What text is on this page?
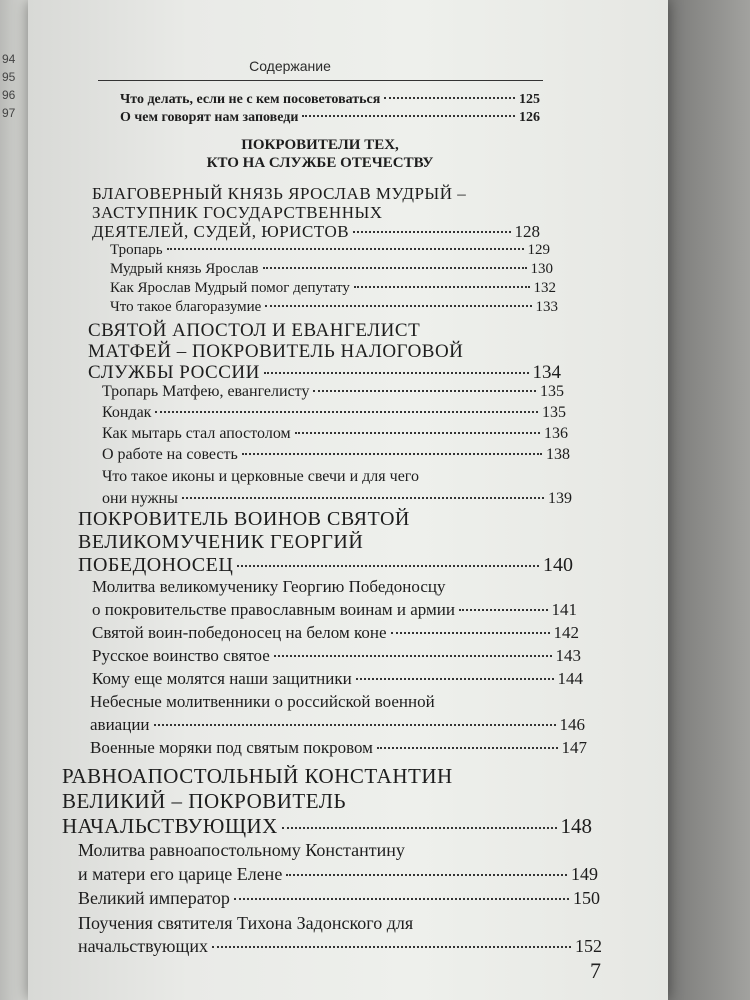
94
95
96
97
Содержание
Что делать, если не с кем посоветоваться	125
О чем говорят нам заповеди	126
ПОКРОВИТЕЛИ ТЕХ,
КТО НА СЛУЖБЕ ОТЕЧЕСТВУ
БЛАГОВЕРНЫЙ КНЯЗЬ ЯРОСЛАВ МУДРЫЙ –
ЗАСТУПНИК ГОСУДАРСТВЕННЫХ
ДЕЯТЕЛЕЙ, СУДЕЙ, ЮРИСТОВ	128
Тропарь	129
Мудрый князь Ярослав	130
Как Ярослав Мудрый помог депутату	132
Что такое благоразумие	133
СВЯТОЙ АПОСТОЛ И ЕВАНГЕЛИСТ
МАТФЕЙ – ПОКРОВИТЕЛЬ НАЛОГОВОЙ
СЛУЖБЫ РОССИИ	134
Тропарь Матфею, евангелисту	135
Кондак	135
Как мытарь стал апостолом	136
О работе на совесть	138
Что такое иконы и церковные свечи и для чего
они нужны	139
ПОКРОВИТЕЛЬ ВОИНОВ СВЯТОЙ
ВЕЛИКОМУЧЕНИК ГЕОРГИЙ
ПОБЕДОНОСЕЦ	140
Молитва великомученику Георгию Победоносцу
о покровительстве православным воинам и армии	141
Святой воин-победоносец на белом коне	142
Русское воинство святое	143
Кому еще молятся наши защитники	144
Небесные молитвенники о российской военной
авиации	146
Военные моряки под святым покровом	147
РАВНОАПОСТОЛЬНЫЙ КОНСТАНТИН
ВЕЛИКИЙ – ПОКРОВИТЕЛЬ
НАЧАЛЬСТВУЮЩИХ	148
Молитва равноапостольному Константину
и матери его царице Елене	149
Великий император	150
Поучения святителя Тихона Задонского для
начальствующих	152
7
